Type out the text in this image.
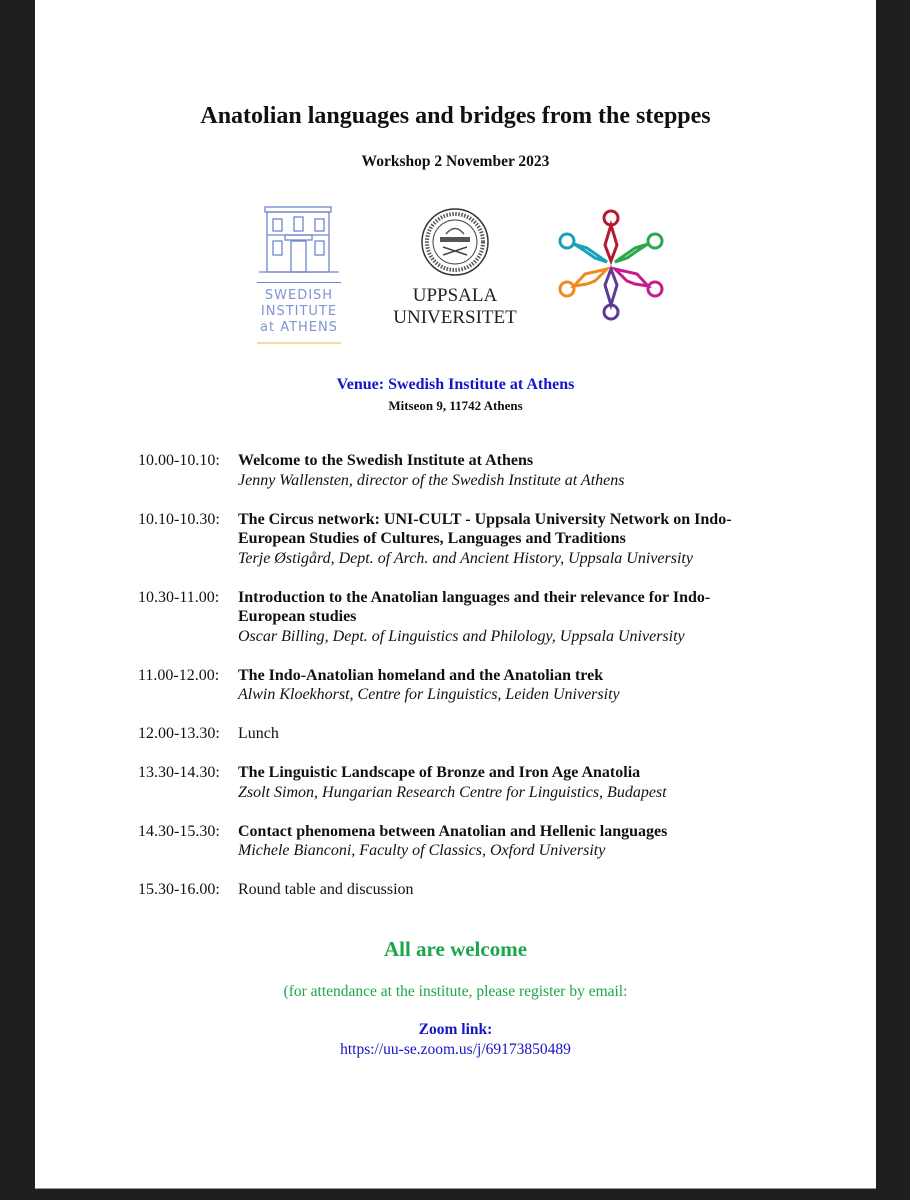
Anatolian languages and bridges from the steppes
Workshop 2 November 2023
SWEDISH
INSTITUTE
at ATHENS
UPPSALA
UNIVERSITET
Venue: Swedish Institute at Athens
Mitseon 9, 11742 Athens
10.00-10.10:	Welcome to the Swedish Institute at Athens
Jenny Wallensten, director of the Swedish Institute at Athens
10.10-10.30:	The Circus network: UNI-CULT - Uppsala University Network on Indo-European Studies of Cultures, Languages and Traditions
Terje Østigård, Dept. of Arch. and Ancient History, Uppsala University
10.30-11.00:	Introduction to the Anatolian languages and their relevance for Indo-European studies
Oscar Billing, Dept. of Linguistics and Philology, Uppsala University
11.00-12.00:	The Indo-Anatolian homeland and the Anatolian trek
Alwin Kloekhorst, Centre for Linguistics, Leiden University
12.00-13.30:	Lunch
13.30-14.30:	The Linguistic Landscape of Bronze and Iron Age Anatolia
Zsolt Simon, Hungarian Research Centre for Linguistics, Budapest
14.30-15.30:	Contact phenomena between Anatolian and Hellenic languages
Michele Bianconi, Faculty of Classics, Oxford University
15.30-16.00:	Round table and discussion
All are welcome
(for attendance at the institute, please register by email:
Zoom link:
https://uu-se.zoom.us/j/69173850489
